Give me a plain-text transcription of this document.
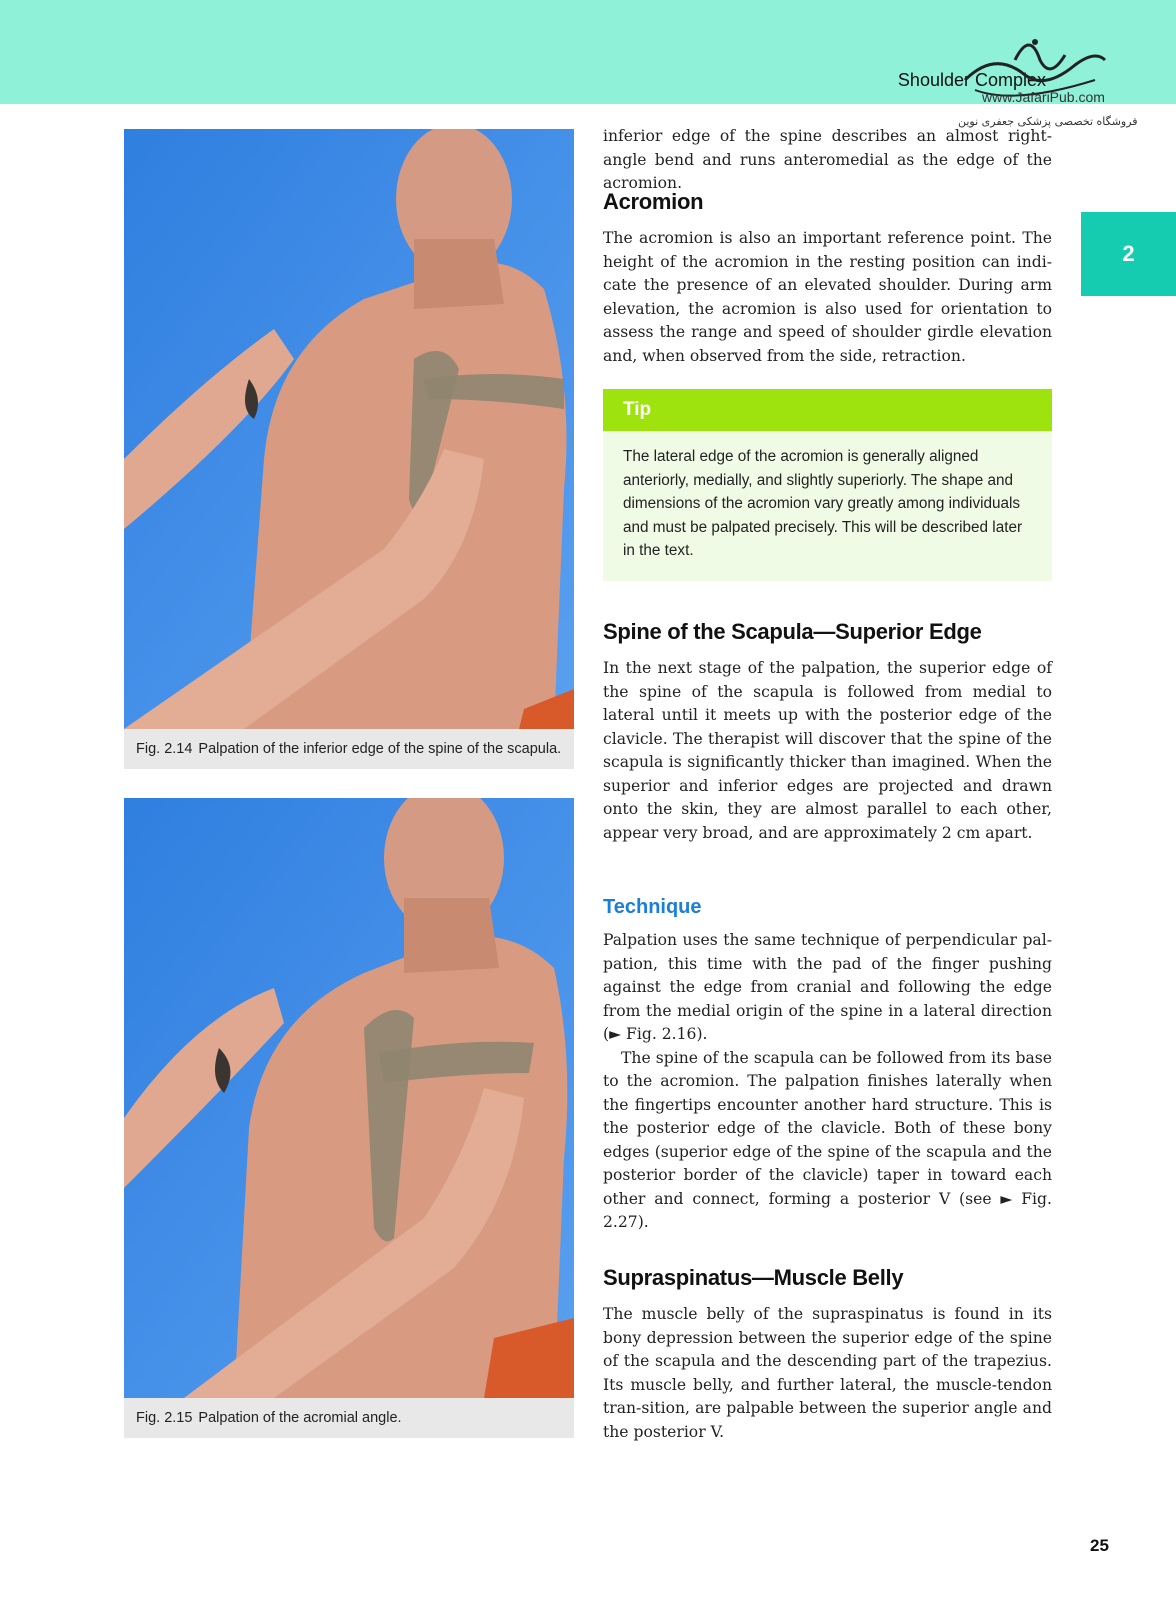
Shoulder Complex
www.JafariPub.com
فروشگاه تخصصی پزشکی جعفری نوین
2
Fig. 2.14 Palpation of the inferior edge of the spine of the scapula.
Fig. 2.15 Palpation of the acromial angle.

inferior edge of the spine describes an almost right-angle bend and runs anteromedial as the edge of the acromion.

Acromion

The acromion is also an important reference point. The height of the acromion in the resting position can indi-cate the presence of an elevated shoulder. During arm elevation, the acromion is also used for orientation to assess the range and speed of shoulder girdle elevation and, when observed from the side, retraction.

Tip
The lateral edge of the acromion is generally aligned anteriorly, medially, and slightly superiorly. The shape and dimensions of the acromion vary greatly among individuals and must be palpated precisely. This will be described later in the text.
Spine of the Scapula—Superior Edge

In the next stage of the palpation, the superior edge of the spine of the scapula is followed from medial to lateral until it meets up with the posterior edge of the clavicle. The therapist will discover that the spine of the scapula is significantly thicker than imagined. When the superior and inferior edges are projected and drawn onto the skin, they are almost parallel to each other, appear very broad, and are approximately 2 cm apart.

Technique

Palpation uses the same technique of perpendicular pal-pation, this time with the pad of the finger pushing against the edge from cranial and following the edge from the medial origin of the spine in a lateral direction (► Fig. 2.16).

The spine of the scapula can be followed from its base to the acromion. The palpation finishes laterally when the fingertips encounter another hard structure. This is the posterior edge of the clavicle. Both of these bony edges (superior edge of the spine of the scapula and the posterior border of the clavicle) taper in toward each other and connect, forming a posterior V (see ► Fig. 2.27).

Supraspinatus—Muscle Belly

The muscle belly of the supraspinatus is found in its bony depression between the superior edge of the spine of the scapula and the descending part of the trapezius. Its muscle belly, and further lateral, the muscle-tendon tran-sition, are palpable between the superior angle and the posterior V.

25
